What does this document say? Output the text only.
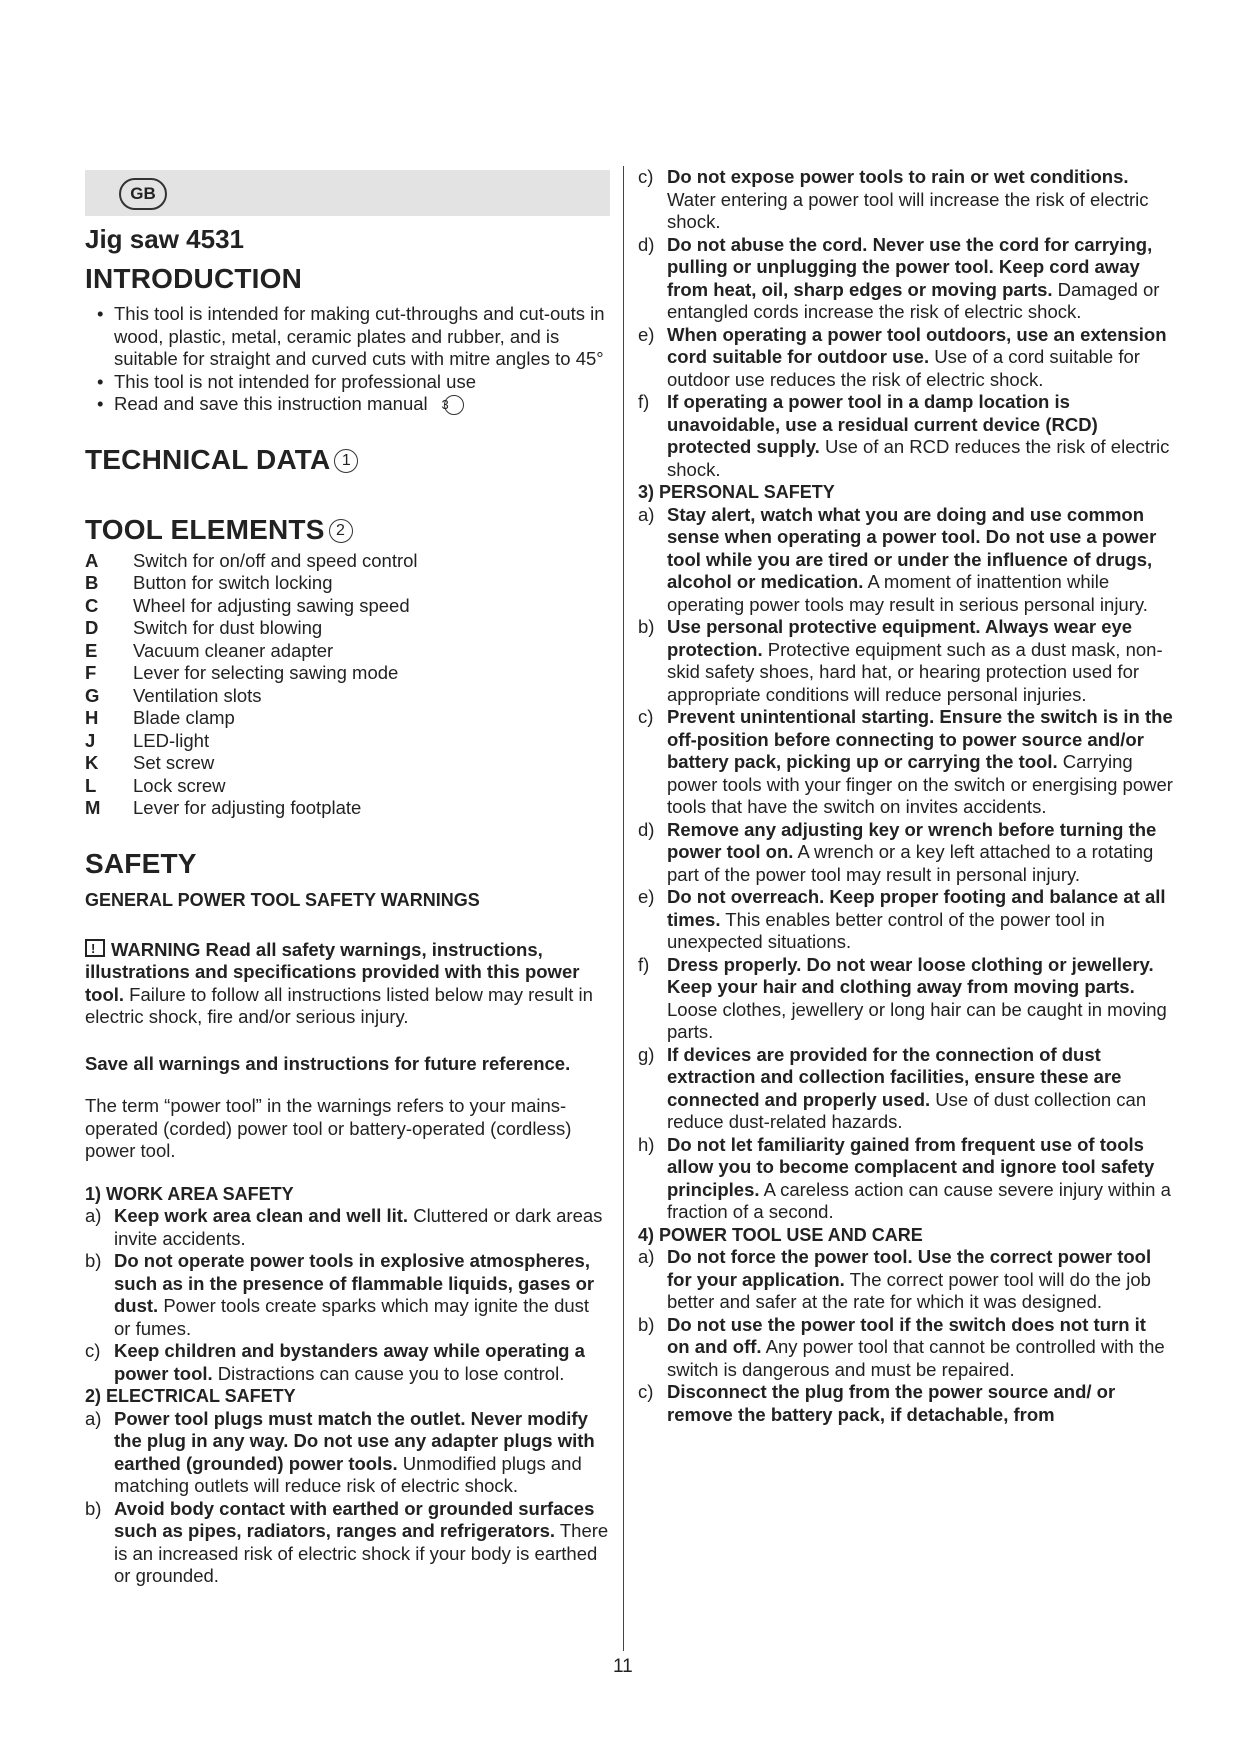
GB
Jig saw 4531
INTRODUCTION
• This tool is intended for making cut-throughs and cut-outs in wood, plastic, metal, ceramic plates and rubber, and is suitable for straight and curved cuts with mitre angles to 45°
• This tool is not intended for professional use
• Read and save this instruction manual 3
TECHNICAL DATA 1
TOOL ELEMENTS 2
A	Switch for on/off and speed control
B	Button for switch locking
C	Wheel for adjusting sawing speed
D	Switch for dust blowing
E	Vacuum cleaner adapter
F	Lever for selecting sawing mode
G	Ventilation slots
H	Blade clamp
J	LED-light
K	Set screw
L	Lock screw
M	Lever for adjusting footplate
SAFETY
GENERAL POWER TOOL SAFETY WARNINGS
!WARNING Read all safety warnings, instructions, illustrations and specifications provided with this power tool. Failure to follow all instructions listed below may result in electric shock, fire and/or serious injury.
Save all warnings and instructions for future reference.
The term “power tool” in the warnings refers to your mains-operated (corded) power tool or battery-operated (cordless) power tool.
1) WORK AREA SAFETY
a) Keep work area clean and well lit. Cluttered or dark areas invite accidents.
b) Do not operate power tools in explosive atmospheres, such as in the presence of flammable liquids, gases or dust. Power tools create sparks which may ignite the dust or fumes.
c) Keep children and bystanders away while operating a power tool. Distractions can cause you to lose control.
2) ELECTRICAL SAFETY
a) Power tool plugs must match the outlet. Never modify the plug in any way. Do not use any adapter plugs with earthed (grounded) power tools. Unmodified plugs and matching outlets will reduce risk of electric shock.
b) Avoid body contact with earthed or grounded surfaces such as pipes, radiators, ranges and refrigerators. There is an increased risk of electric shock if your body is earthed or grounded.
c) Do not expose power tools to rain or wet conditions. Water entering a power tool will increase the risk of electric shock.
d) Do not abuse the cord. Never use the cord for carrying, pulling or unplugging the power tool. Keep cord away from heat, oil, sharp edges or moving parts. Damaged or entangled cords increase the risk of electric shock.
e) When operating a power tool outdoors, use an extension cord suitable for outdoor use. Use of a cord suitable for outdoor use reduces the risk of electric shock.
f) If operating a power tool in a damp location is unavoidable, use a residual current device (RCD) protected supply. Use of an RCD reduces the risk of electric shock.
3) PERSONAL SAFETY
a) Stay alert, watch what you are doing and use common sense when operating a power tool. Do not use a power tool while you are tired or under the influence of drugs, alcohol or medication. A moment of inattention while operating power tools may result in serious personal injury.
b) Use personal protective equipment. Always wear eye protection. Protective equipment such as a dust mask, non-skid safety shoes, hard hat, or hearing protection used for appropriate conditions will reduce personal injuries.
c) Prevent unintentional starting. Ensure the switch is in the off-position before connecting to power source and/or battery pack, picking up or carrying the tool. Carrying power tools with your finger on the switch or energising power tools that have the switch on invites accidents.
d) Remove any adjusting key or wrench before turning the power tool on. A wrench or a key left attached to a rotating part of the power tool may result in personal injury.
e) Do not overreach. Keep proper footing and balance at all times. This enables better control of the power tool in unexpected situations.
f) Dress properly. Do not wear loose clothing or jewellery. Keep your hair and clothing away from moving parts. Loose clothes, jewellery or long hair can be caught in moving parts.
g) If devices are provided for the connection of dust extraction and collection facilities, ensure these are connected and properly used. Use of dust collection can reduce dust-related hazards.
h) Do not let familiarity gained from frequent use of tools allow you to become complacent and ignore tool safety principles. A careless action can cause severe injury within a fraction of a second.
4) POWER TOOL USE AND CARE
a) Do not force the power tool. Use the correct power tool for your application. The correct power tool will do the job better and safer at the rate for which it was designed.
b) Do not use the power tool if the switch does not turn it on and off. Any power tool that cannot be controlled with the switch is dangerous and must be repaired.
c) Disconnect the plug from the power source and/ or remove the battery pack, if detachable, from
11
